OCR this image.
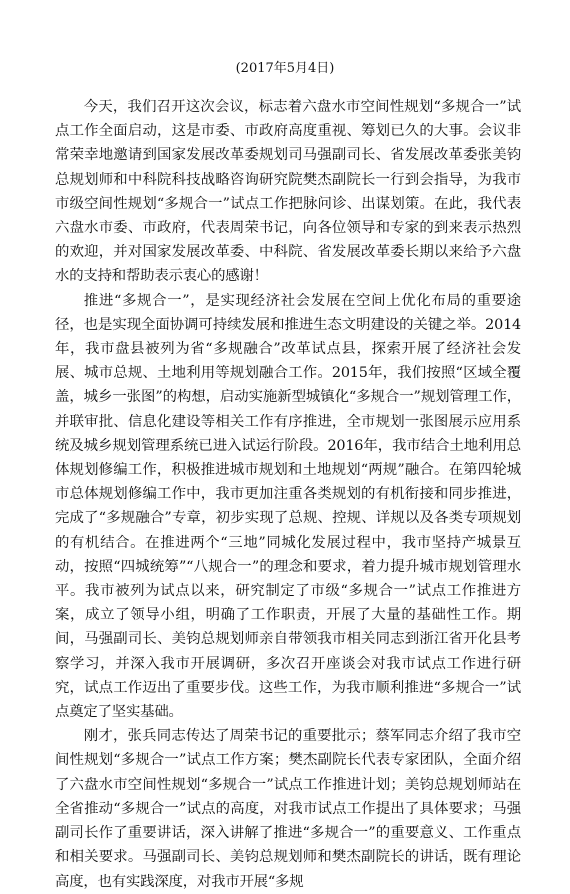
(2017年5月4日)

今天，我们召开这次会议，标志着六盘水市空间性规划“多规合一”试点工作全面启动，这是市委、市政府高度重视、筹划已久的大事。会议非常荣幸地邀请到国家发展改革委规划司马强副司长、省发展改革委张美钧总规划师和中科院科技战略咨询研究院樊杰副院长一行到会指导，为我市市级空间性规划“多规合一”试点工作把脉问诊、出谋划策。在此，我代表六盘水市委、市政府，代表周荣书记，向各位领导和专家的到来表示热烈的欢迎，并对国家发展改革委、中科院、省发展改革委长期以来给予六盘水的支持和帮助表示衷心的感谢！

推进“多规合一”，是实现经济社会发展在空间上优化布局的重要途径，也是实现全面协调可持续发展和推进生态文明建设的关键之举。2014年，我市盘县被列为省“多规融合”改革试点县，探索开展了经济社会发展、城市总规、土地利用等规划融合工作。2015年，我们按照“区域全覆盖，城乡一张图”的构想，启动实施新型城镇化“多规合一”规划管理工作，并联审批、信息化建设等相关工作有序推进，全市规划一张图展示应用系统及城乡规划管理系统已进入试运行阶段。2016年，我市结合土地利用总体规划修编工作，积极推进城市规划和土地规划“两规”融合。在第四轮城市总体规划修编工作中，我市更加注重各类规划的有机衔接和同步推进，完成了“多规融合”专章，初步实现了总规、控规、详规以及各类专项规划的有机结合。在推进两个“三地”同城化发展过程中，我市坚持产城景互动，按照“四城统筹”“八规合一”的理念和要求，着力提升城市规划管理水平。我市被列为试点以来，研究制定了市级“多规合一”试点工作推进方案，成立了领导小组，明确了工作职责，开展了大量的基础性工作。期间，马强副司长、美钧总规划师亲自带领我市相关同志到浙江省开化县考察学习，并深入我市开展调研，多次召开座谈会对我市试点工作进行研究，试点工作迈出了重要步伐。这些工作，为我市顺利推进“多规合一”试点奠定了坚实基础。

刚才，张兵同志传达了周荣书记的重要批示；蔡军同志介绍了我市空间性规划“多规合一”试点工作方案；樊杰副院长代表专家团队，全面介绍了六盘水市空间性规划“多规合一”试点工作推进计划；美钧总规划师站在全省推动“多规合一”试点的高度，对我市试点工作提出了具体要求；马强副司长作了重要讲话，深入讲解了推进“多规合一”的重要意义、工作重点和相关要求。马强副司长、美钧总规划师和樊杰副院长的讲话，既有理论高度，也有实践深度，对我市开展“多规
